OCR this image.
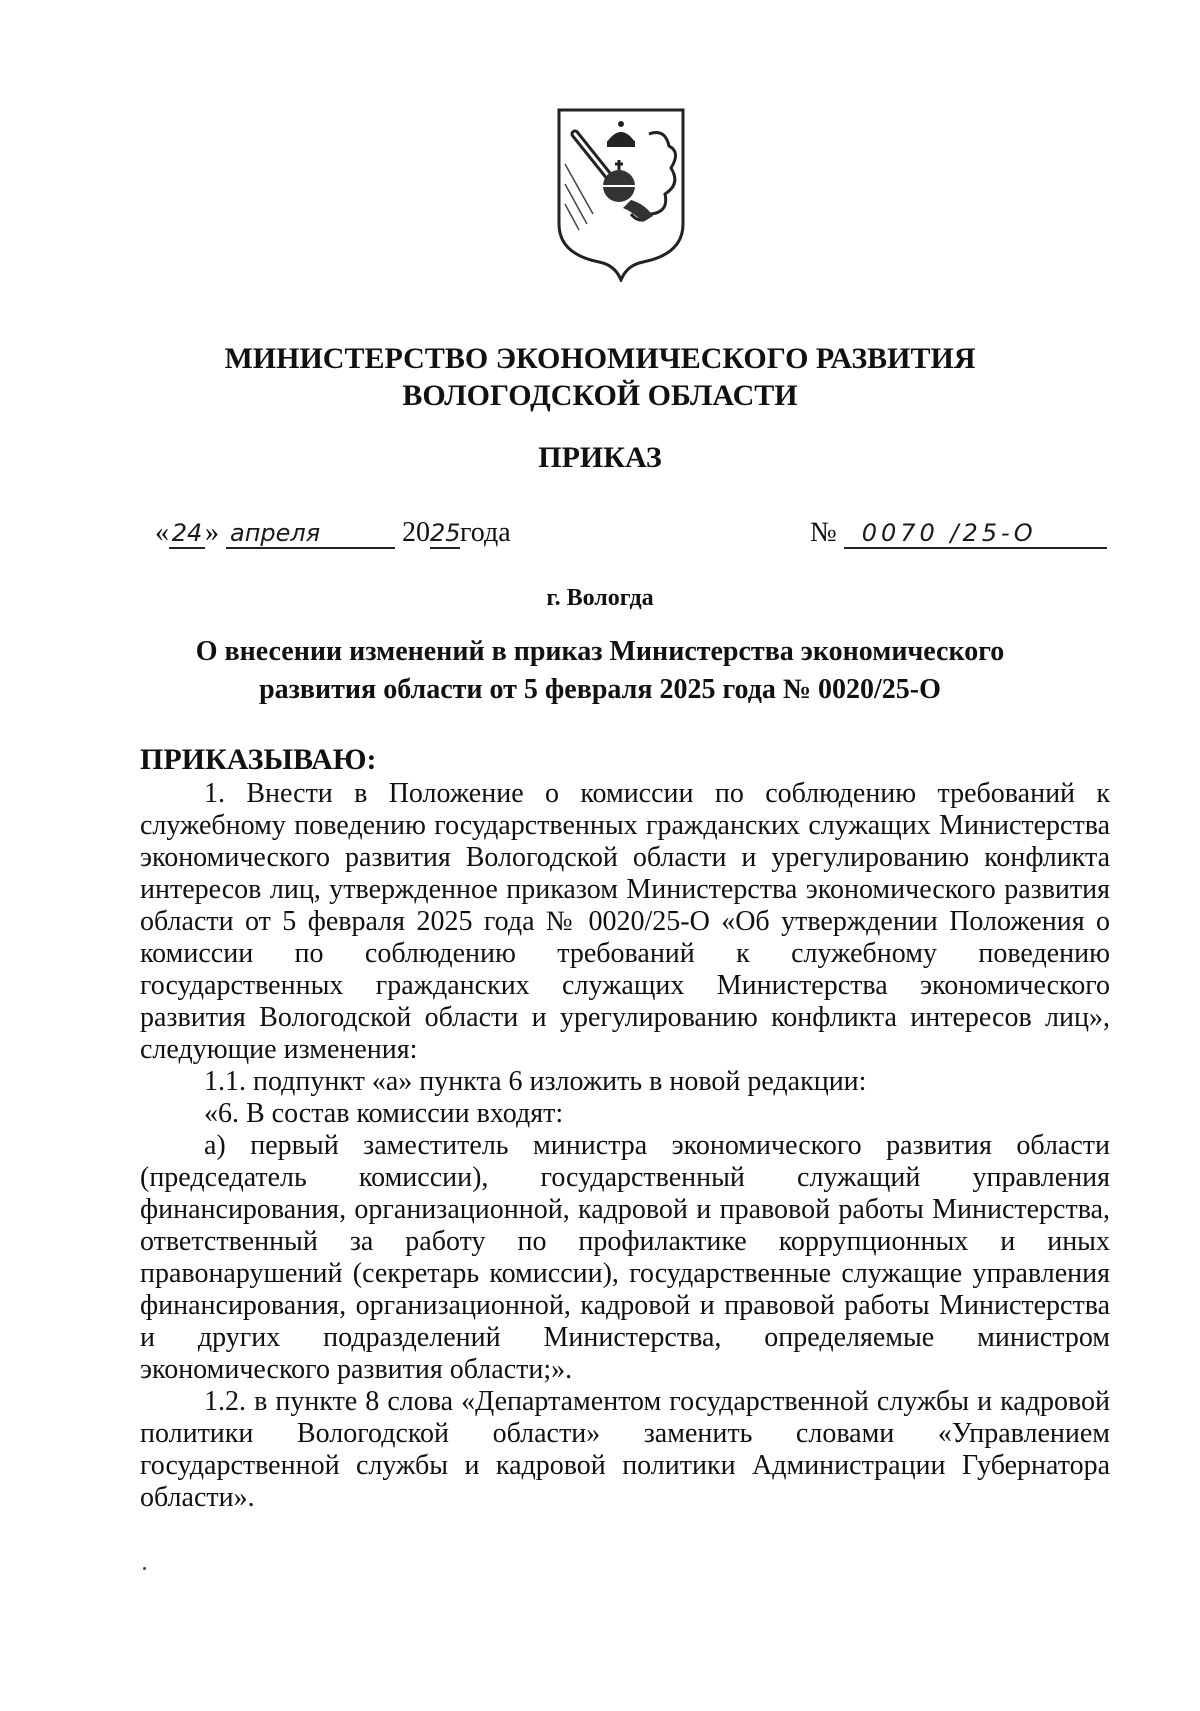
МИНИСТЕРСТВО ЭКОНОМИЧЕСКОГО РАЗВИТИЯ
ВОЛОГОДСКОЙ ОБЛАСТИ
ПРИКАЗ
« 24» апреля	2025года	№ 0070 /25-О
г. Вологда
О внесении изменений в приказ Министерства экономического
развития области от 5 февраля 2025 года № 0020/25-О

ПРИКАЗЫВАЮ:

1. Внести в Положение о комиссии по соблюдению требований к служебному поведению государственных гражданских служащих Министерства экономического развития Вологодской области и урегулированию конфликта интересов лиц, утвержденное приказом Министерства экономического развития области от 5 февраля 2025 года № 0020/25-О «Об утверждении Положения о комиссии по соблюдению требований к служебному поведению государственных гражданских служащих Министерства экономического развития Вологодской области и урегулированию конфликта интересов лиц», следующие изменения:

1.1. подпункт «а» пункта 6 изложить в новой редакции:

«6. В состав комиссии входят:

а) первый заместитель министра экономического развития области (председатель комиссии), государственный служащий управления финансирования, организационной, кадровой и правовой работы Министерства, ответственный за работу по профилактике коррупционных и иных правонарушений (секретарь комиссии), государственные служащие управления финансирования, организационной, кадровой и правовой работы Министерства и других подразделений Министерства, определяемые министром экономического развития области;».

1.2. в пункте 8 слова «Департаментом государственной службы и кадровой политики Вологодской области» заменить словами «Управлением государственной службы и кадровой политики Администрации Губернатора области».
